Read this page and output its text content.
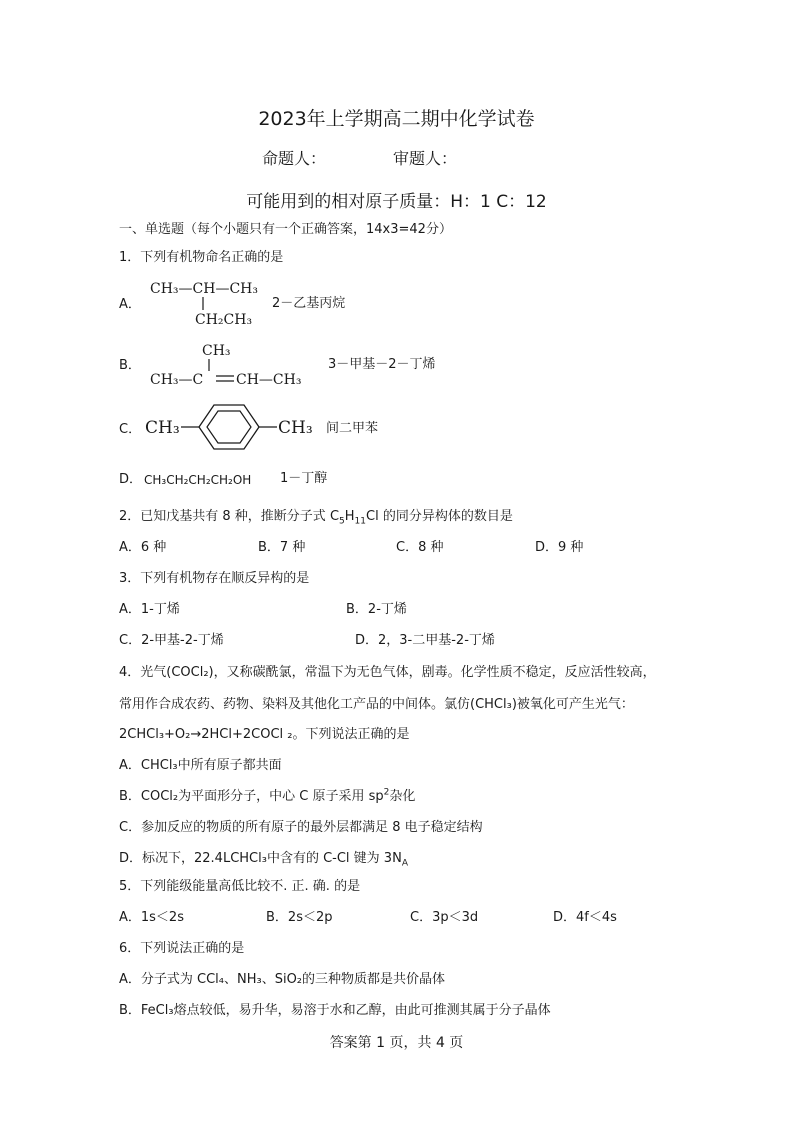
2023年上学期高二期中化学试卷
命题人：	审题人：
可能用到的相对原子质量：H：1 C：12
一、单选题（每个小题只有一个正确答案，14x3=42分）
1．下列有机物命名正确的是
A．
CH₃—CH—CH₃
CH₂CH₃
2－乙基丙烷
B．
CH₃
CH₃—C CH—CH₃
3－甲基－2－丁烯
C． CH₃	CH₃ 间二甲苯
D． CH₃CH₂CH₂CH₂OH 1－丁醇
2．已知戊基共有 8 种，推断分子式 $C_5H_{11}Cl$ 的同分异构体的数目是
A．6 种	B．7 种	C．8 种	D．9 种
3．下列有机物存在顺反异构的是
A．1-丁烯	B．2-丁烯
C．2-甲基-2-丁烯	D．2，3-二甲基-2-丁烯
4．光气(COCl₂)，又称碳酰氯，常温下为无色气体，剧毒。化学性质不稳定，反应活性较高，
常用作合成农药、药物、染料及其他化工产品的中间体。氯仿(CHCl₃)被氧化可产生光气：
2CHCl₃+O₂→2HCl+2COCl ₂。下列说法正确的是
A．CHCl₃中所有原子都共面
B．COCl₂为平面形分子，中心 C 原子采用 $sp^2$杂化
C．参加反应的物质的所有原子的最外层都满足 8 电子稳定结构
D．标况下，22.4LCHCl₃中含有的 C-Cl 键为 $3N_A$
5．下列能级能量高低比较不. 正. 确. 的是
A．1s＜2s	B．2s＜2p	C．3p＜3d	D．4f＜4s
6．下列说法正确的是
A．分子式为 CCl₄、NH₃、SiO₂的三种物质都是共价晶体
B．FeCl₃熔点较低，易升华，易溶于水和乙醇，由此可推测其属于分子晶体
答案第 1 页，共 4 页
